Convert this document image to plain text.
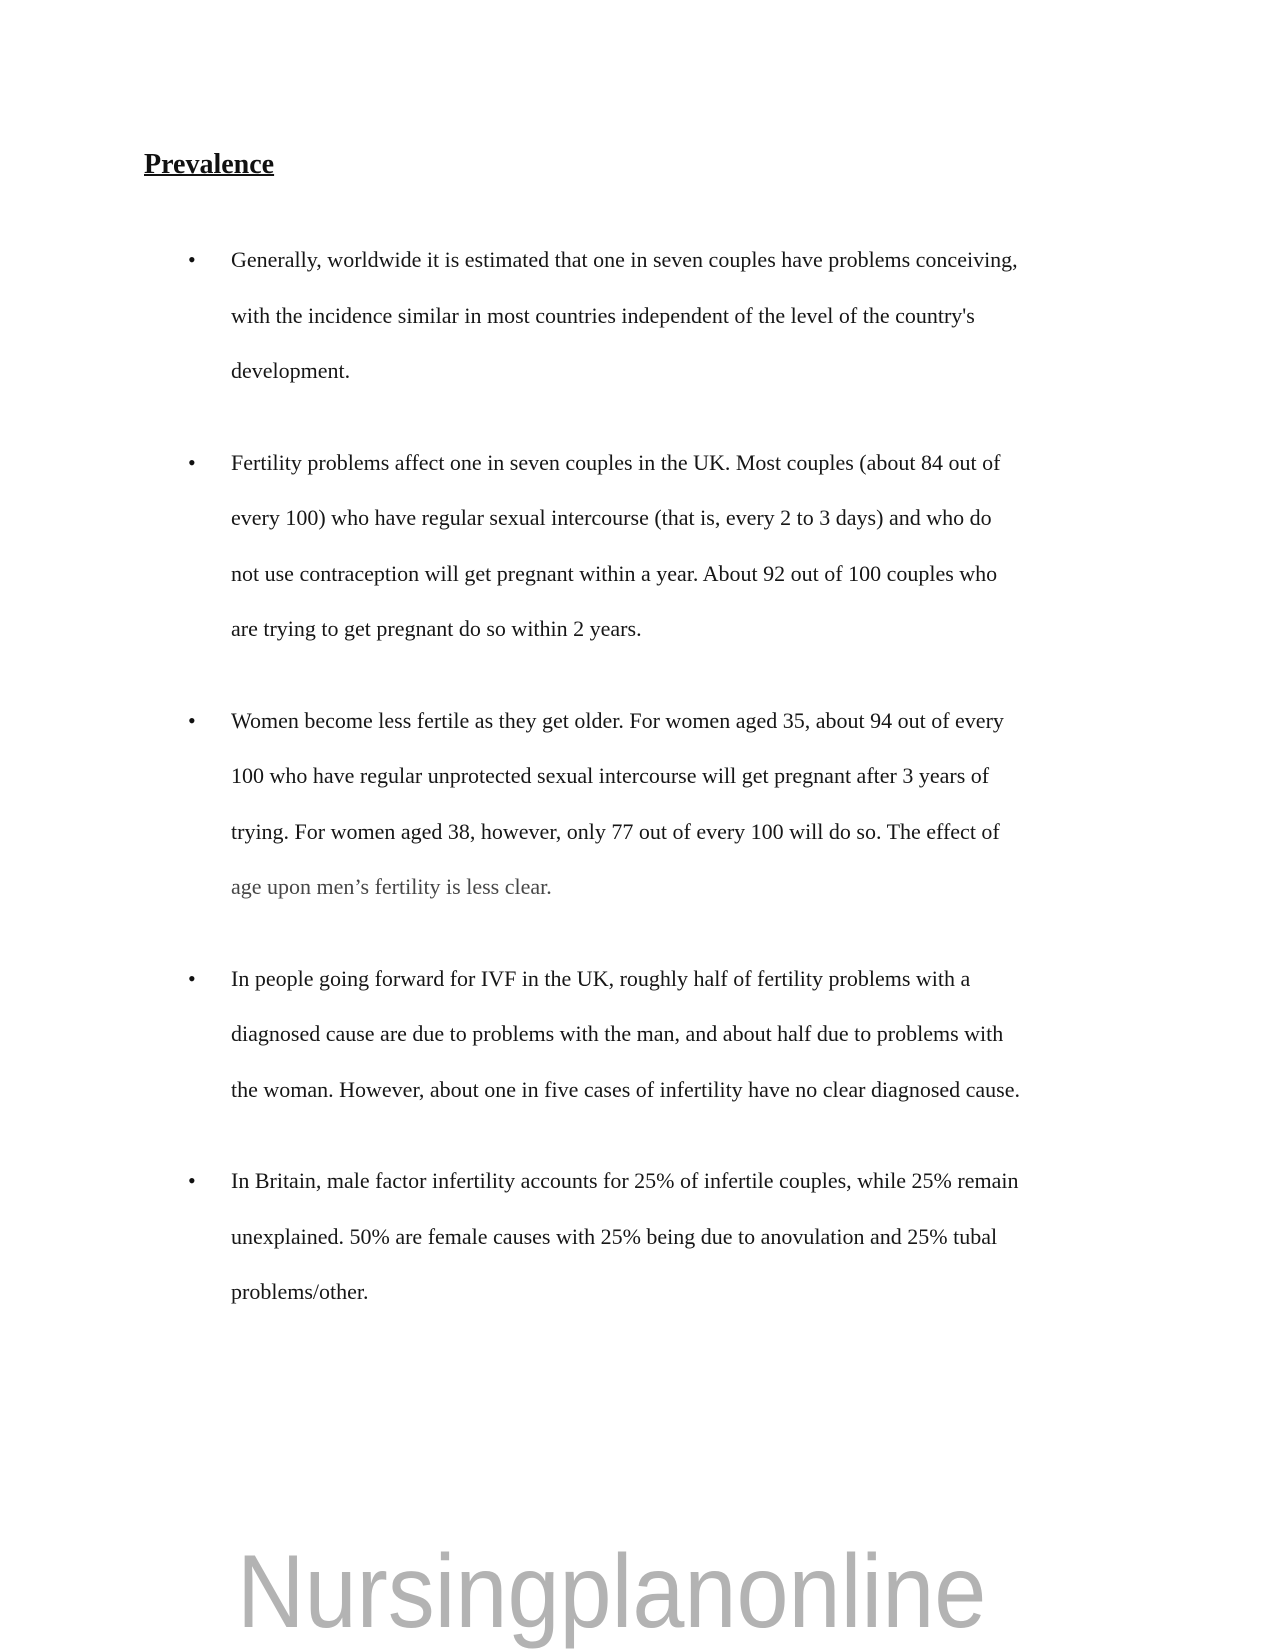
Prevalence
• Generally, worldwide it is estimated that one in seven couples have problems conceiving,
with the incidence similar in most countries independent of the level of the country's
development.
• Fertility problems affect one in seven couples in the UK. Most couples (about 84 out of
every 100) who have regular sexual intercourse (that is, every 2 to 3 days) and who do
not use contraception will get pregnant within a year. About 92 out of 100 couples who
are trying to get pregnant do so within 2 years.
• Women become less fertile as they get older. For women aged 35, about 94 out of every
100 who have regular unprotected sexual intercourse will get pregnant after 3 years of
trying. For women aged 38, however, only 77 out of every 100 will do so. The effect of
age upon men’s fertility is less clear.
• In people going forward for IVF in the UK, roughly half of fertility problems with a
diagnosed cause are due to problems with the man, and about half due to problems with
the woman. However, about one in five cases of infertility have no clear diagnosed cause.
• In Britain, male factor infertility accounts for 25% of infertile couples, while 25% remain
unexplained. 50% are female causes with 25% being due to anovulation and 25% tubal
problems/other.
Nursingplanonline
